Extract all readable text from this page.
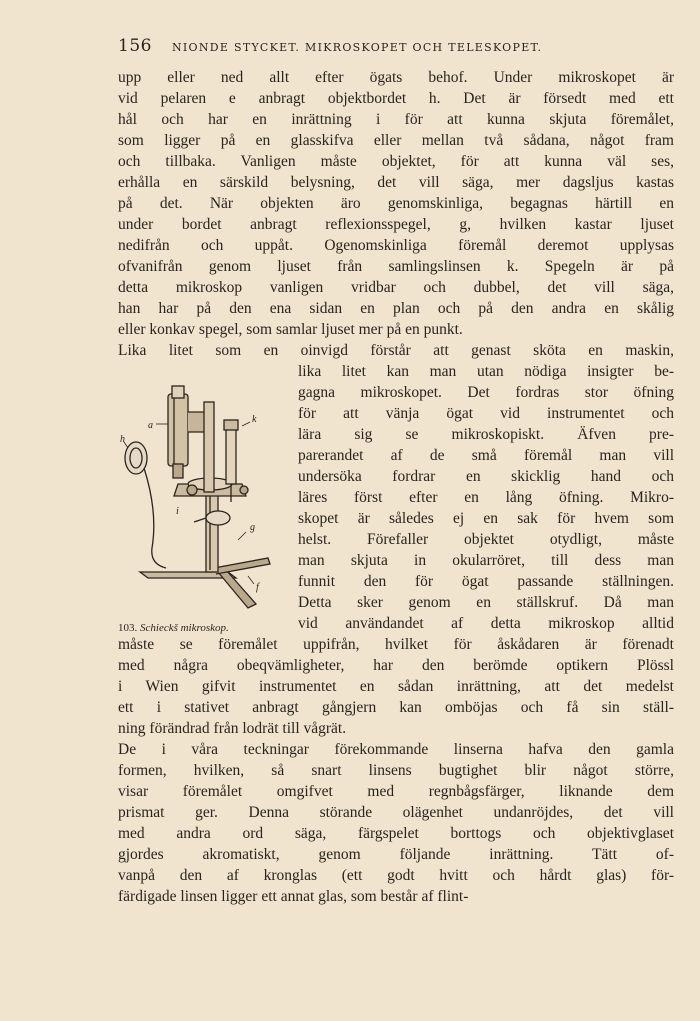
156 NIONDE STYCKET. MIKROSKOPET OCH TELESKOPET.
upp eller ned allt efter ögats behof. Under mikroskopet är
vid pelaren e anbragt objektbordet h. Det är försedt med ett
hål och har en inrättning i för att kunna skjuta föremålet,
som ligger på en glasskifva eller mellan två sådana, något fram
och tillbaka. Vanligen måste objektet, för att kunna väl ses,
erhålla en särskild belysning, det vill säga, mer dagsljus kastas
på det. När objekten äro genomskinliga, begagnas härtill en
under bordet anbragt reflexionsspegel, g, hvilken kastar ljuset
nedifrån och uppåt. Ogenomskinliga föremål deremot upplysas
ofvanifrån genom ljuset från samlingslinsen k. Spegeln är på
detta mikroskop vanligen vridbar och dubbel, det vill säga,
han har på den ena sidan en plan och på den andra en skålig
eller konkav spegel, som samlar ljuset mer på en punkt.
Lika litet som en oinvigd förstår att genast sköta en maskin,
lika litet kan man utan nödiga insigter be-
gagna mikroskopet. Det fordras stor öfning
för att vänja ögat vid instrumentet och
lära sig se mikroskopiskt. Äfven pre-
parerandet af de små föremål man vill
undersöka fordrar en skicklig hand och
läres först efter en lång öfning. Mikro-
skopet är således ej en sak för hvem som
helst. Förefaller objektet otydligt, måste
man skjuta in okularröret, till dess man
funnit den för ögat passande ställningen.
Detta sker genom en ställskruf. Då man
vid användandet af detta mikroskop alltid
måste se föremålet uppifrån, hvilket för åskådaren är förenadt
med några obeqvämligheter, har den berömde optikern Plössl
i Wien gifvit instrumentet en sådan inrättning, att det medelst
ett i stativet anbragt gångjern kan omböjas och få sin ställ-
ning förändrad från lodrät till vågrät.
De i våra teckningar förekommande linserna hafva den gamla
formen, hvilken, så snart linsens bugtighet blir något större,
visar föremålet omgifvet med regnbågsfärger, liknande dem
prismat ger. Denna störande olägenhet undanröjdes, det vill
med andra ord säga, färgspelet borttogs och objektivglaset
gjordes akromatiskt, genom följande inrättning. Tätt of-
vanpå den af kronglas (ett godt hvitt och hårdt glas) för-
färdigade linsen ligger ett annat glas, som består af flint-
a
h
i
g
k
f
103. Schieckš mikroskop.
